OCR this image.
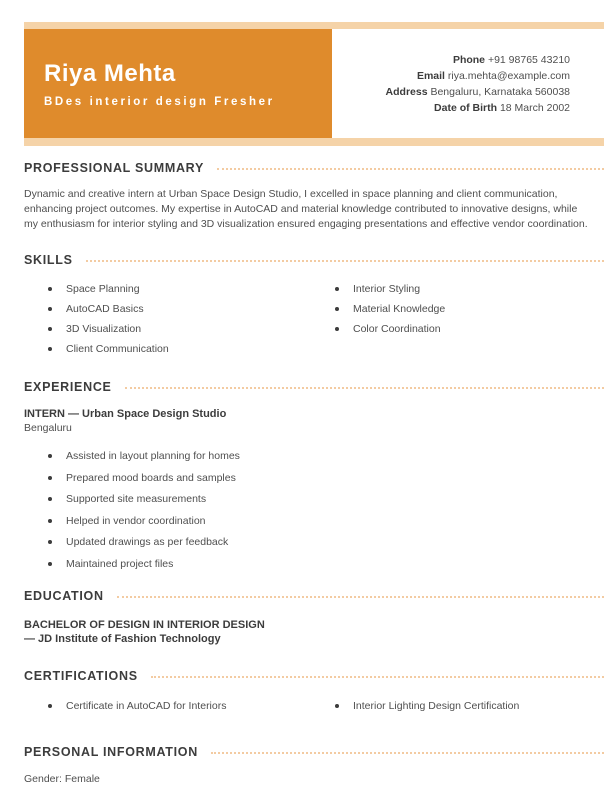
Riya Mehta
BDes interior design Fresher
Phone +91 98765 43210
Email riya.mehta@example.com
Address Bengaluru, Karnataka 560038
Date of Birth 18 March 2002
PROFESSIONAL SUMMARY

Dynamic and creative intern at Urban Space Design Studio, I excelled in space planning and client communication, enhancing project outcomes. My expertise in AutoCAD and material knowledge contributed to innovative designs, while my enthusiasm for interior styling and 3D visualization ensured engaging presentations and effective vendor coordination.

SKILLS
Space Planning
AutoCAD Basics
3D Visualization
Client Communication
Interior Styling
Material Knowledge
Color Coordination
EXPERIENCE
INTERN — Urban Space Design Studio
Bengaluru
Assisted in layout planning for homes
Prepared mood boards and samples
Supported site measurements
Helped in vendor coordination
Updated drawings as per feedback
Maintained project files
EDUCATION
BACHELOR OF DESIGN IN INTERIOR DESIGN
— JD Institute of Fashion Technology
CERTIFICATIONS
Certificate in AutoCAD for Interiors	Interior Lighting Design Certification
PERSONAL INFORMATION
Gender: Female
